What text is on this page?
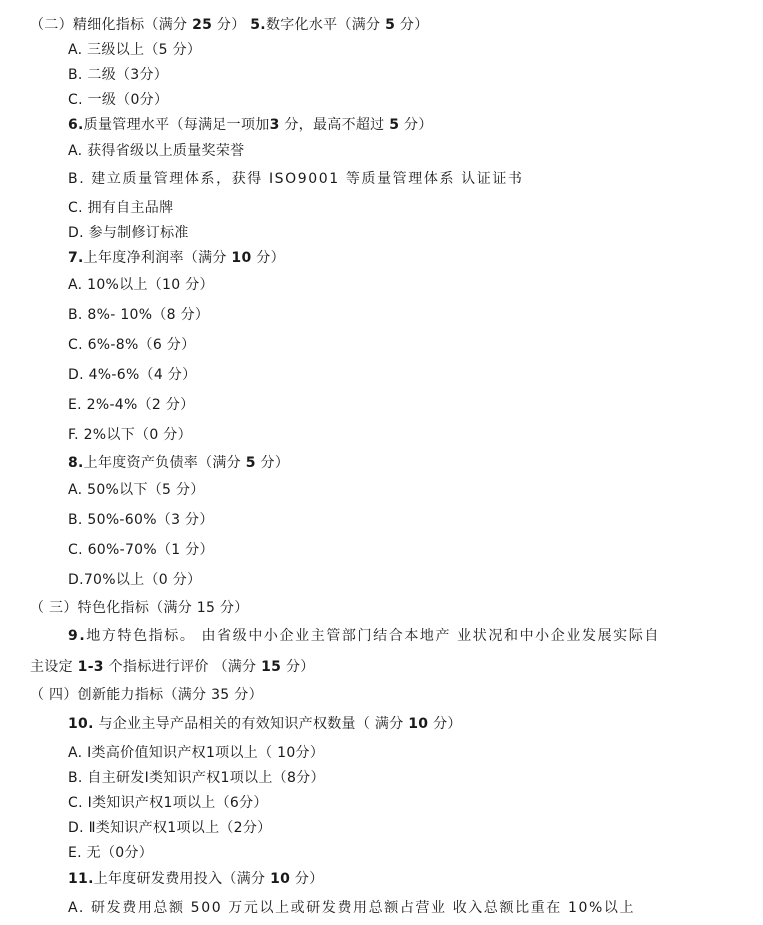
（二）精细化指标（满分 25 分） 5.数字化水平（满分 5 分）
A. 三级以上（5 分）
B. 二级（3分）
C. 一级（0分）
6.质量管理水平（每满足一项加3 分，最高不超过 5 分）
A. 获得省级以上质量奖荣誉
B. 建立质量管理体系，获得 ISO9001 等质量管理体系 认证证书
C. 拥有自主品牌
D. 参与制修订标准
7.上年度净利润率（满分 10 分）
A. 10%以上（10 分）
B. 8%- 10%（8 分）
C. 6%-8%（6 分）
D. 4%-6%（4 分）
E. 2%-4%（2 分）
F. 2%以下（0 分）
8.上年度资产负债率（满分 5 分）
A. 50%以下（5 分）
B. 50%-60%（3 分）
C. 60%-70%（1 分）
D.70%以上（0 分）
（ 三）特色化指标（满分 15 分）
9.地方特色指标。 由省级中小企业主管部门结合本地产 业状况和中小企业发展实际自
主设定 1-3 个指标进行评价 （满分 15 分）
（ 四）创新能力指标（满分 35 分）
10. 与企业主导产品相关的有效知识产权数量（ 满分 10 分）
A. Ⅰ类高价值知识产权1项以上（ 10分）
B. 自主研发Ⅰ类知识产权1项以上（8分）
C. Ⅰ类知识产权1项以上（6分）
D. Ⅱ类知识产权1项以上（2分）
E. 无（0分）
11.上年度研发费用投入（满分 10 分）
A. 研发费用总额 500 万元以上或研发费用总额占营业 收入总额比重在 10%以上
